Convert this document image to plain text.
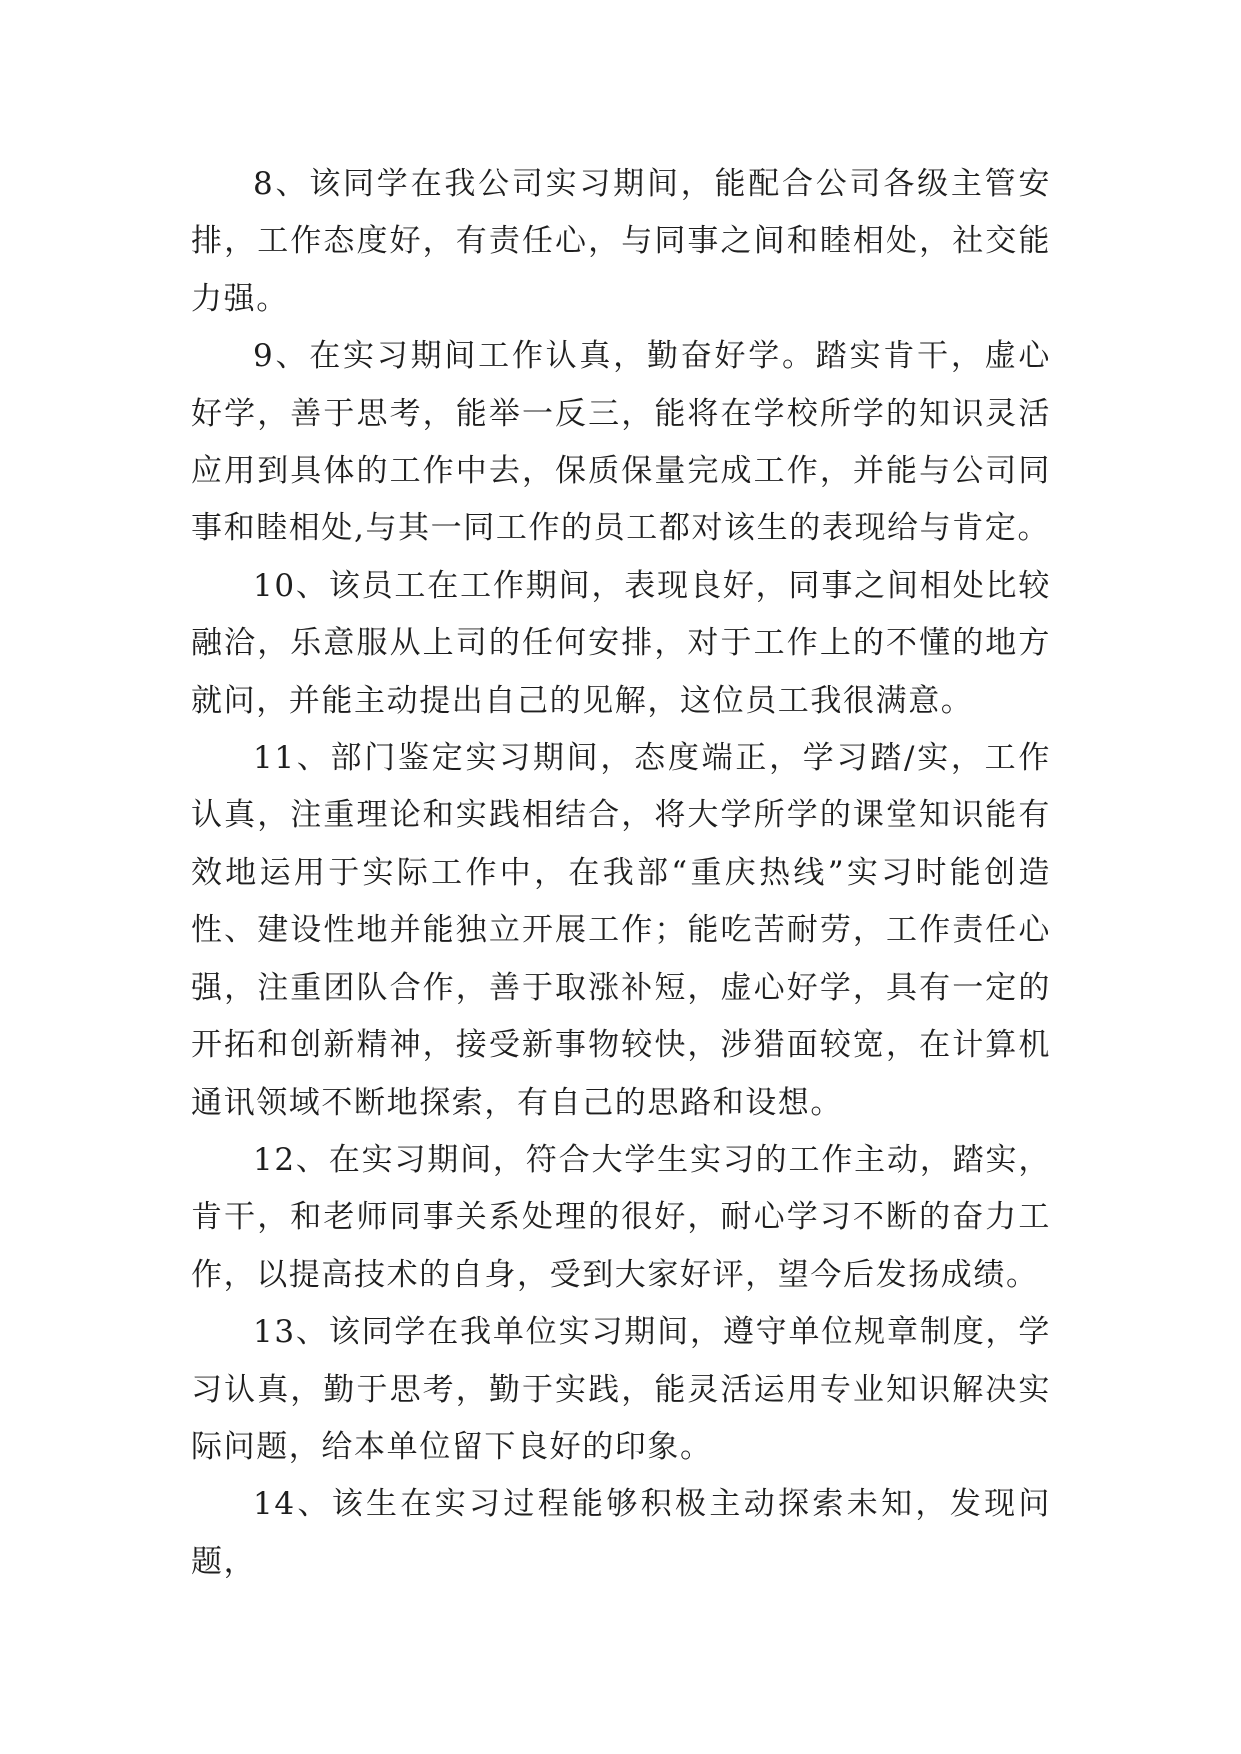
8、该同学在我公司实习期间，能配合公司各级主管安排，工作态度好，有责任心，与同事之间和睦相处，社交能力强。

9、在实习期间工作认真，勤奋好学。踏实肯干，虚心好学，善于思考，能举一反三，能将在学校所学的知识灵活应用到具体的工作中去，保质保量完成工作，并能与公司同事和睦相处,与其一同工作的员工都对该生的表现给与肯定。

10、该员工在工作期间，表现良好，同事之间相处比较融洽，乐意服从上司的任何安排，对于工作上的不懂的地方就问，并能主动提出自己的见解，这位员工我很满意。

11、部门鉴定实习期间，态度端正，学习踏/实，工作认真，注重理论和实践相结合，将大学所学的课堂知识能有效地运用于实际工作中，在我部“重庆热线”实习时能创造性、建设性地并能独立开展工作；能吃苦耐劳，工作责任心强，注重团队合作，善于取涨补短，虚心好学，具有一定的开拓和创新精神，接受新事物较快，涉猎面较宽，在计算机通讯领域不断地探索，有自己的思路和设想。

12、在实习期间，符合大学生实习的工作主动，踏实，肯干，和老师同事关系处理的很好，耐心学习不断的奋力工作，以提高技术的自身，受到大家好评，望今后发扬成绩。

13、该同学在我单位实习期间，遵守单位规章制度，学习认真，勤于思考，勤于实践，能灵活运用专业知识解决实际问题，给本单位留下良好的印象。

14、该生在实习过程能够积极主动探索未知，发现问题，
